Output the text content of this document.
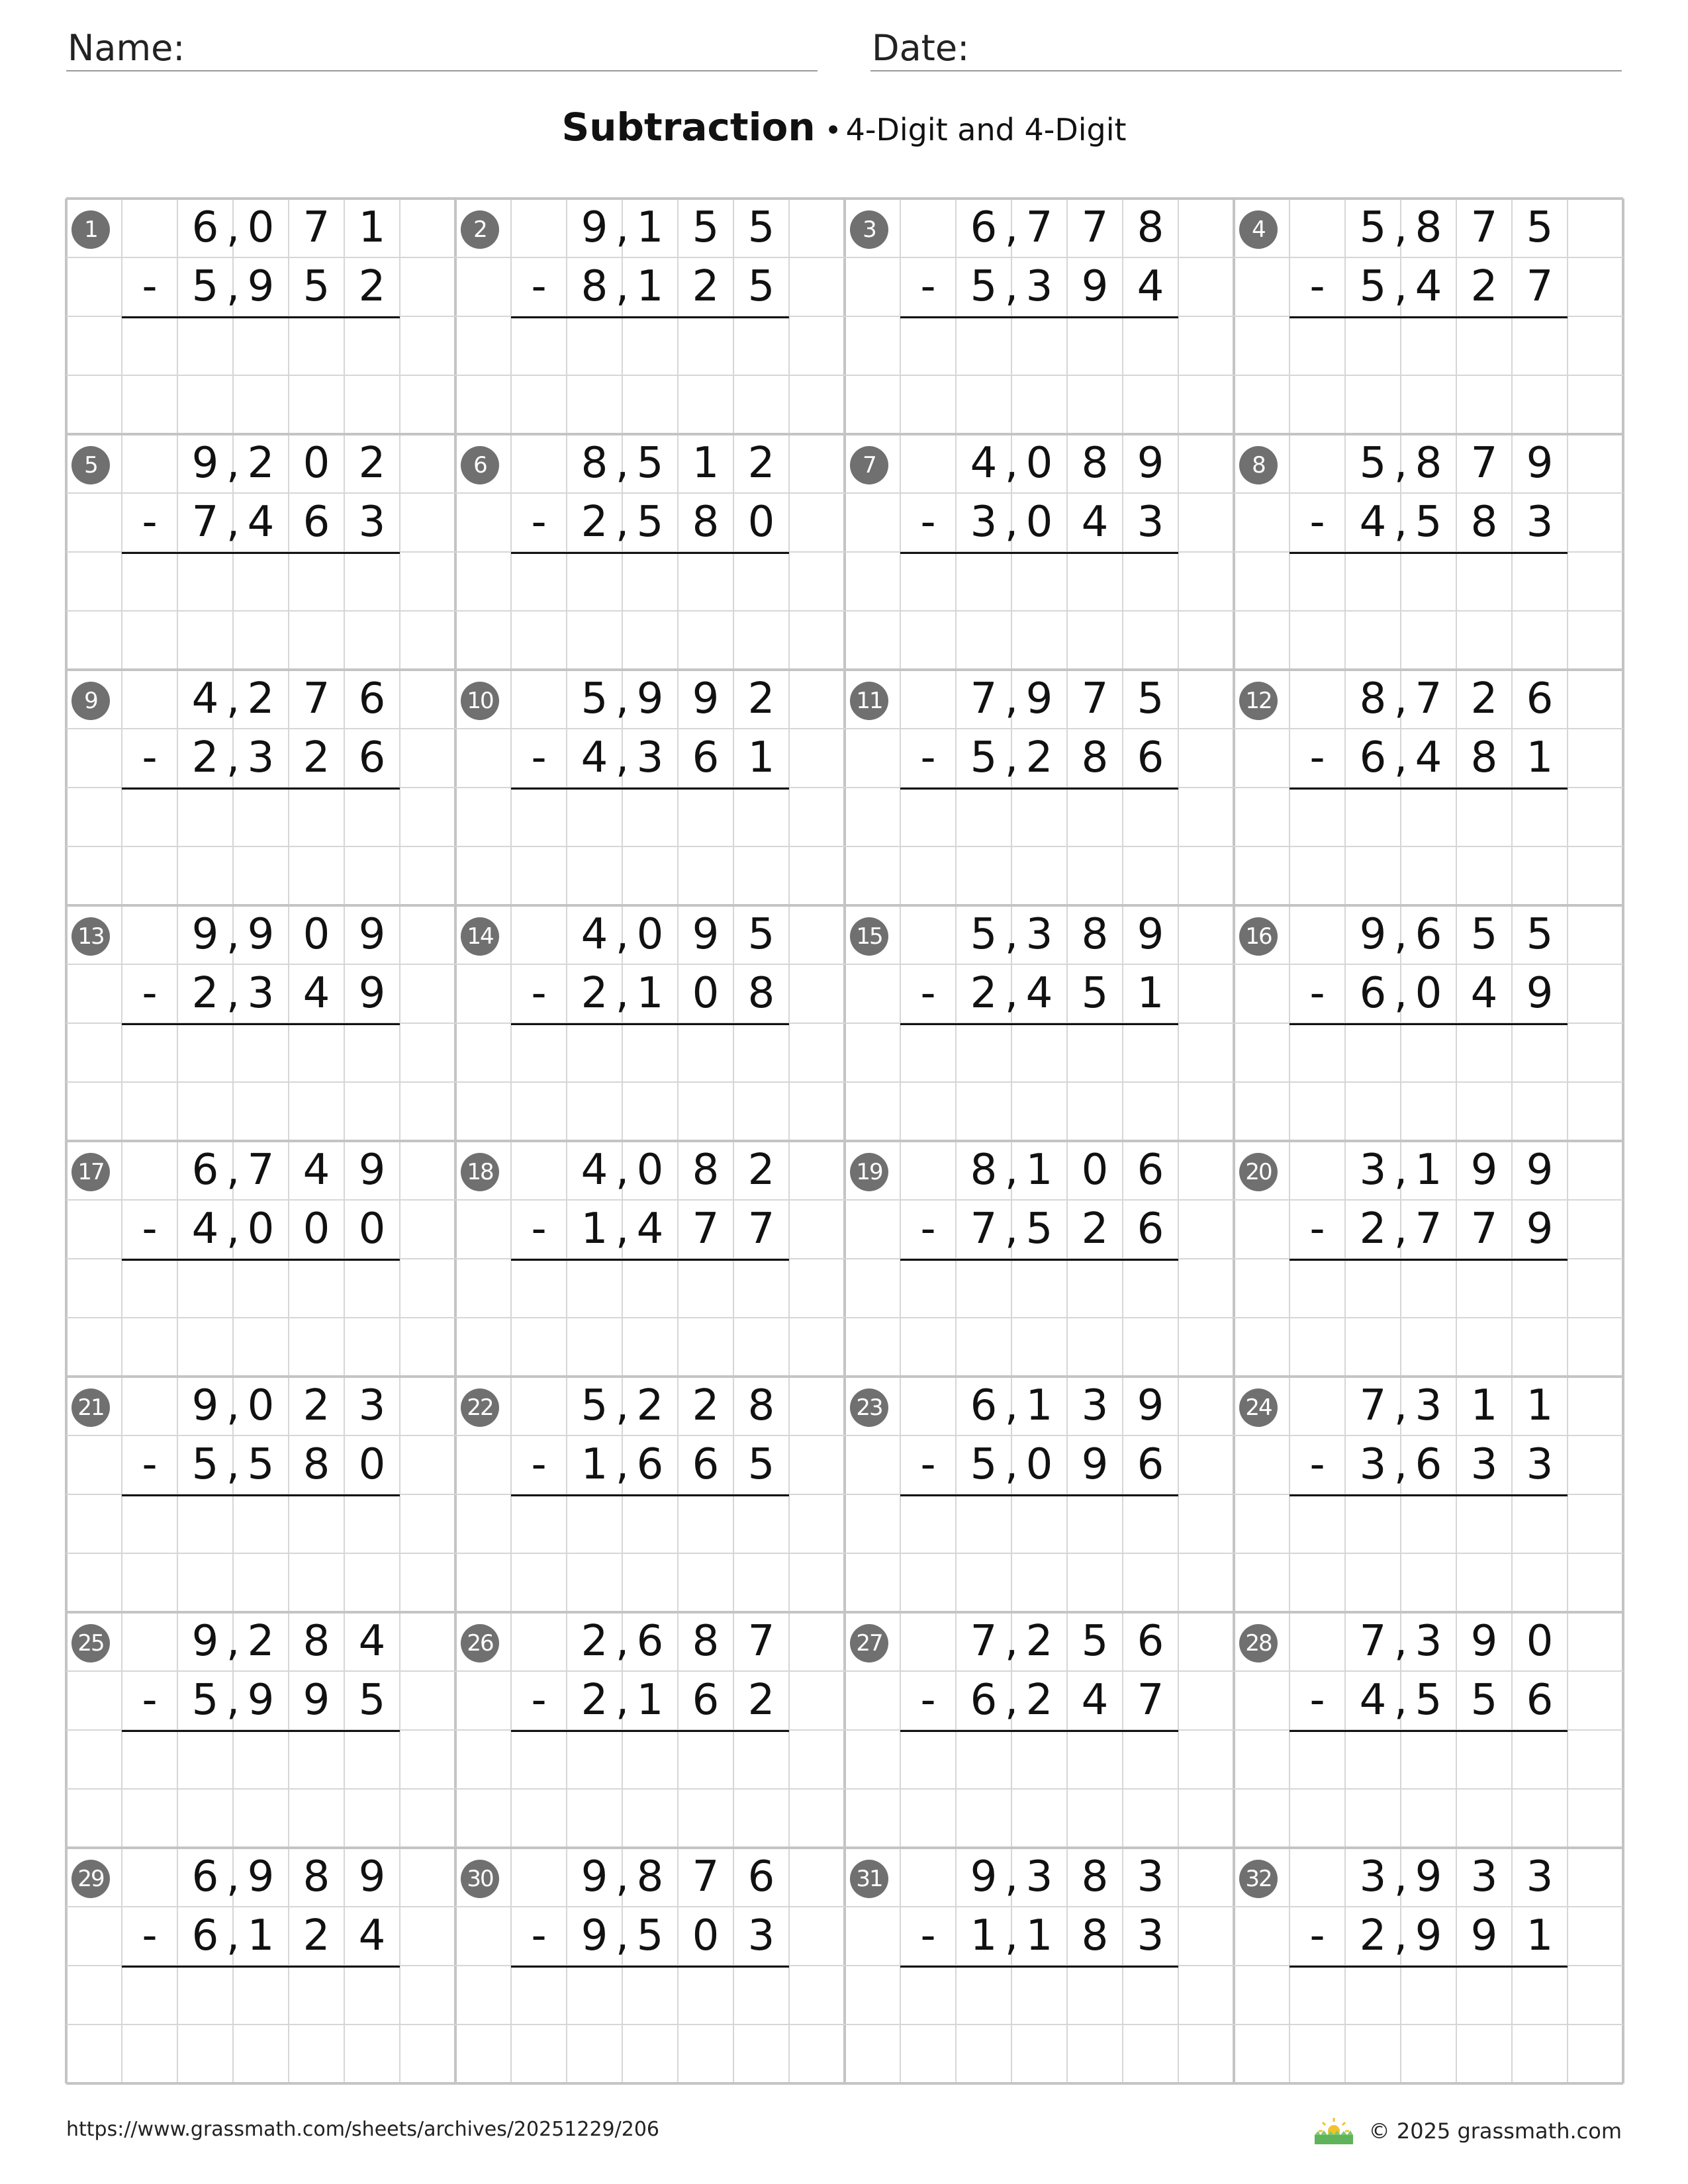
Name:	Date:
Subtraction • 4-Digit and 4-Digit
1	6 0 7 1
,
5 9 5 2
,
-
2	9 1 5 5
,
8 1 2 5
,
-
3	6 7 7 8
,
5 3 9 4
,
-
4	5 8 7 5
,
5 4 2 7
,
-
5	9 2 0 2
,
7 4 6 3
,
-
6	8 5 1 2
,
2 5 8 0
,
-
7	4 0 8 9
,
3 0 4 3
,
-
8	5 8 7 9
,
4 5 8 3
,
-
9	4 2 7 6
,
2 3 2 6
,
-
10	5 9 9 2
,
4 3 6 1
,
-
11	7 9 7 5
,
5 2 8 6
,
-
12	8 7 2 6
,
6 4 8 1
,
-
13	9 9 0 9
,
2 3 4 9
,
-
14	4 0 9 5
,
2 1 0 8
,
-
15	5 3 8 9
,
2 4 5 1
,
-
16	9 6 5 5
,
6 0 4 9
,
-
17	6 7 4 9
,
4 0 0 0
,
-
18	4 0 8 2
,
1 4 7 7
,
-
19	8 1 0 6
,
7 5 2 6
,
-
20	3 1 9 9
,
2 7 7 9
,
-
21	9 0 2 3
,
5 5 8 0
,
-
22	5 2 2 8
,
1 6 6 5
,
-
23	6 1 3 9
,
5 0 9 6
,
-
24	7 3 1 1
,
3 6 3 3
,
-
25	9 2 8 4
,
5 9 9 5
,
-
26	2 6 8 7
,
2 1 6 2
,
-
27	7 2 5 6
,
6 2 4 7
,
-
28	7 3 9 0
,
4 5 5 6
,
-
29	6 9 8 9
,
6 1 2 4
,
-
30	9 8 7 6
,
9 5 0 3
,
-
31	9 3 8 3
,
1 1 8 3
,
-
32	3 9 3 3
,
2 9 9 1
,
-
https://www.grassmath.com/sheets/archives/20251229/206	© 2025 grassmath.com
